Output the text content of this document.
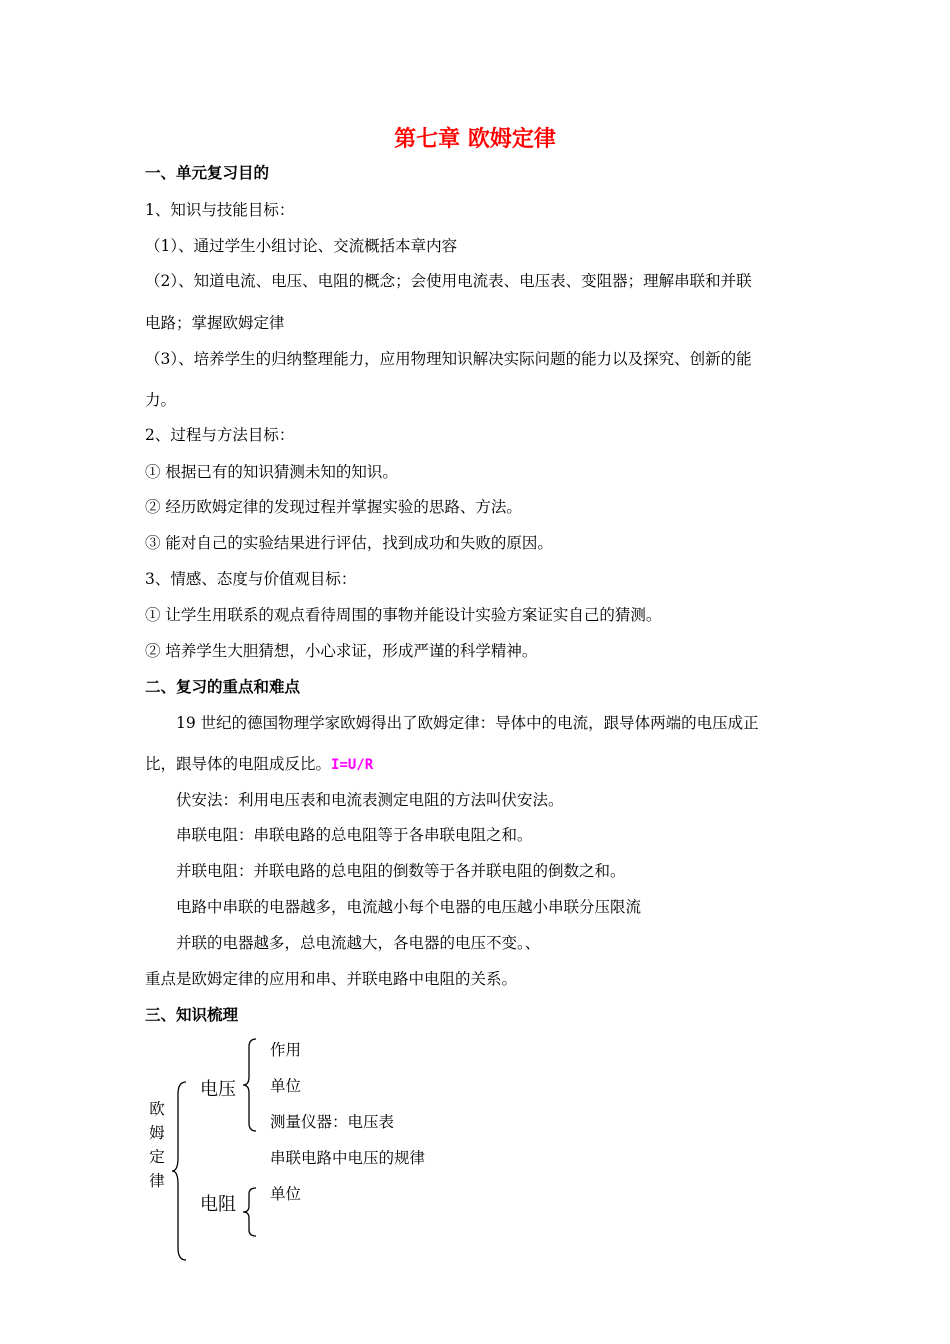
第七章 欧姆定律
一、单元复习目的
1、知识与技能目标：
（1）、通过学生小组讨论、交流概括本章内容
（2）、知道电流、电压、电阻的概念；会使用电流表、电压表、变阻器；理解串联和并联
电路；掌握欧姆定律
（3）、培养学生的归纳整理能力，应用物理知识解决实际问题的能力以及探究、创新的能
力。
2、过程与方法目标：
① 根据已有的知识猜测未知的知识。
② 经历欧姆定律的发现过程并掌握实验的思路、方法。
③ 能对自己的实验结果进行评估，找到成功和失败的原因。
3、情感、态度与价值观目标：
① 让学生用联系的观点看待周围的事物并能设计实验方案证实自己的猜测。
② 培养学生大胆猜想，小心求证，形成严谨的科学精神。
二、复习的重点和难点
19 世纪的德国物理学家欧姆得出了欧姆定律：导体中的电流，跟导体两端的电压成正
比，跟导体的电阻成反比。I=U/R
伏安法：利用电压表和电流表测定电阻的方法叫伏安法。
串联电阻：串联电路的总电阻等于各串联电阻之和。
并联电阻：并联电路的总电阻的倒数等于各并联电阻的倒数之和。
电路中串联的电器越多，电流越小每个电器的电压越小串联分压限流
并联的电器越多，总电流越大，各电器的电压不变。、
重点是欧姆定律的应用和串、并联电路中电阻的关系。
三、知识梳理
欧
姆
定
律
电压
电阻
作用
单位
测量仪器：电压表
串联电路中电压的规律
单位
